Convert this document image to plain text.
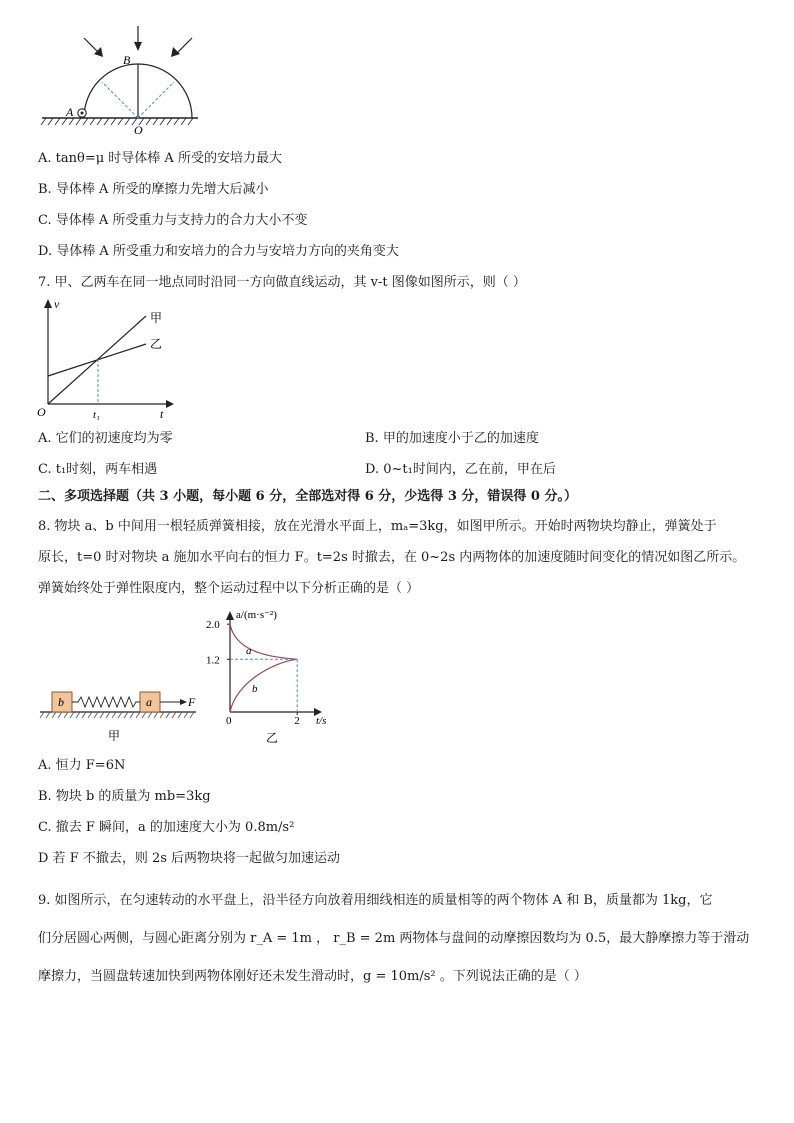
B
A
O
A. tanθ=μ 时导体棒 A 所受的安培力最大
B. 导体棒 A 所受的摩擦力先增大后减小
C. 导体棒 A 所受重力与支持力的合力大小不变
D. 导体棒 A 所受重力和安培力的合力与安培力方向的夹角变大
7. 甲、乙两车在同一地点同时沿同一方向做直线运动，其 v-t 图像如图所示，则（ ）
v
t
O	t₁
甲
乙
A. 它们的初速度均为零	B. 甲的加速度小于乙的加速度
C. t₁时刻，两车相遇	D. 0~t₁时间内，乙在前，甲在后
二、多项选择题（共 3 小题，每小题 6 分，全部选对得 6 分，少选得 3 分，错误得 0 分。）
8. 物块 a、b 中间用一根轻质弹簧相接，放在光滑水平面上，mₐ=3kg，如图甲所示。开始时两物块均静止，弹簧处于
原长，t=0 时对物块 a 施加水平向右的恒力 F。t=2s 时撤去，在 0~2s 内两物体的加速度随时间变化的情况如图乙所示。
弹簧始终处于弹性限度内，整个运动过程中以下分析正确的是（ ）
b	a	F
甲
a/(m·s⁻²)
2.0
1.2
0	2 t/s
a
b
乙
A. 恒力 F=6N
B. 物块 b 的质量为 mb=3kg
C. 撤去 F 瞬间，a 的加速度大小为 0.8m/s²
D 若 F 不撤去，则 2s 后两物块将一起做匀加速运动
9. 如图所示，在匀速转动的水平盘上，沿半径方向放着用细线相连的质量相等的两个物体 A 和 B，质量都为 1kg，它
们分居圆心两侧，与圆心距离分别为 r_A = 1m ， r_B = 2m 两物体与盘间的动摩擦因数均为 0.5，最大静摩擦力等于滑动
摩擦力，当圆盘转速加快到两物体刚好还未发生滑动时，g = 10m/s² 。下列说法正确的是（ ）
